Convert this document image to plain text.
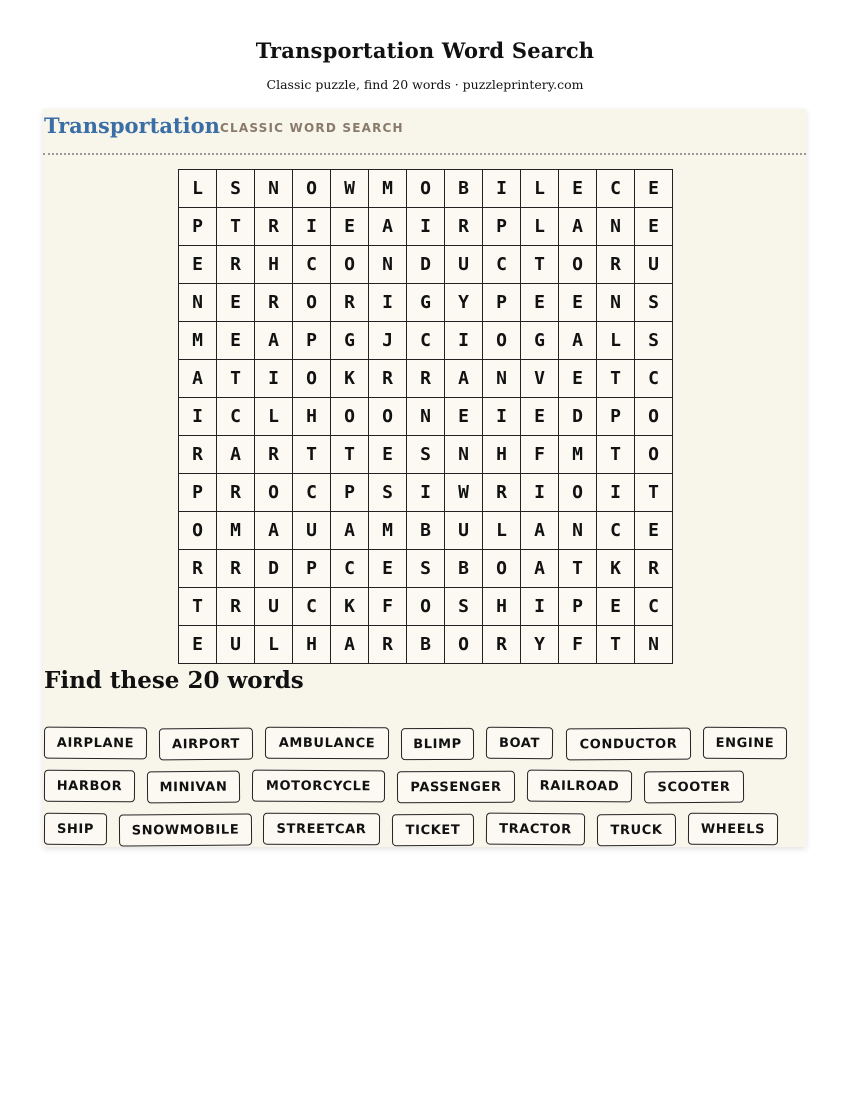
Transportation Word Search
Classic puzzle, find 20 words · puzzleprintery.com
Transportation CLASSIC WORD SEARCH
L	S	N	O	W	M	O	B	I	L	E	C	E
P	T	R	I	E	A	I	R	P	L	A	N	E
E	R	H	C	O	N	D	U	C	T	O	R	U
N	E	R	O	R	I	G	Y	P	E	E	N	S
M	E	A	P	G	J	C	I	O	G	A	L	S
A	T	I	O	K	R	R	A	N	V	E	T	C
I	C	L	H	O	O	N	E	I	E	D	P	O
R	A	R	T	T	E	S	N	H	F	M	T	O
P	R	O	C	P	S	I	W	R	I	O	I	T
O	M	A	U	A	M	B	U	L	A	N	C	E
R	R	D	P	C	E	S	B	O	A	T	K	R
T	R	U	C	K	F	O	S	H	I	P	E	C
E	U	L	H	A	R	B	O	R	Y	F	T	N
Find these 20 words
AIRPLANE	AIRPORT	AMBULANCE	BLIMP	BOAT	CONDUCTOR	ENGINE
HARBOR	MINIVAN	MOTORCYCLE	PASSENGER	RAILROAD	SCOOTER
SHIP	SNOWMOBILE	STREETCAR	TICKET	TRACTOR	TRUCK	WHEELS
